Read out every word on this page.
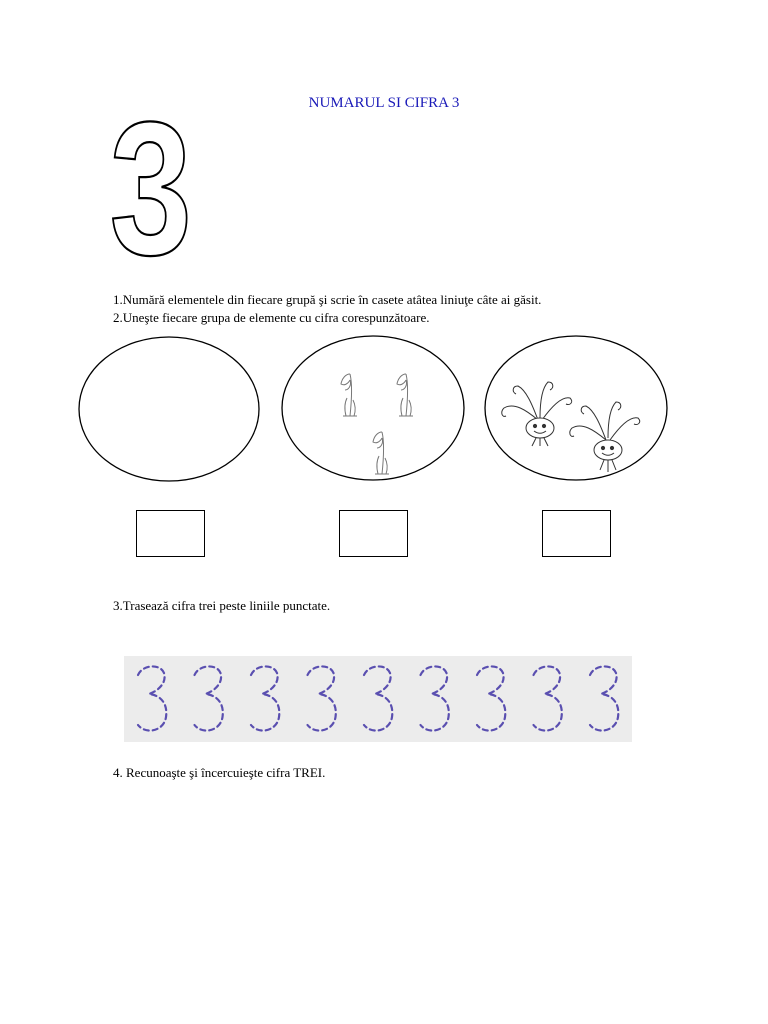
NUMARUL SI CIFRA 3
3
1.Numără elementele din fiecare grupă şi scrie în casete atâtea liniuţe câte ai găsit.
2.Uneşte fiecare grupa de elemente cu cifra corespunzătoare.
3.Trasează cifra trei peste liniile punctate.
4. Recunoaşte şi încercuieşte cifra TREI.
